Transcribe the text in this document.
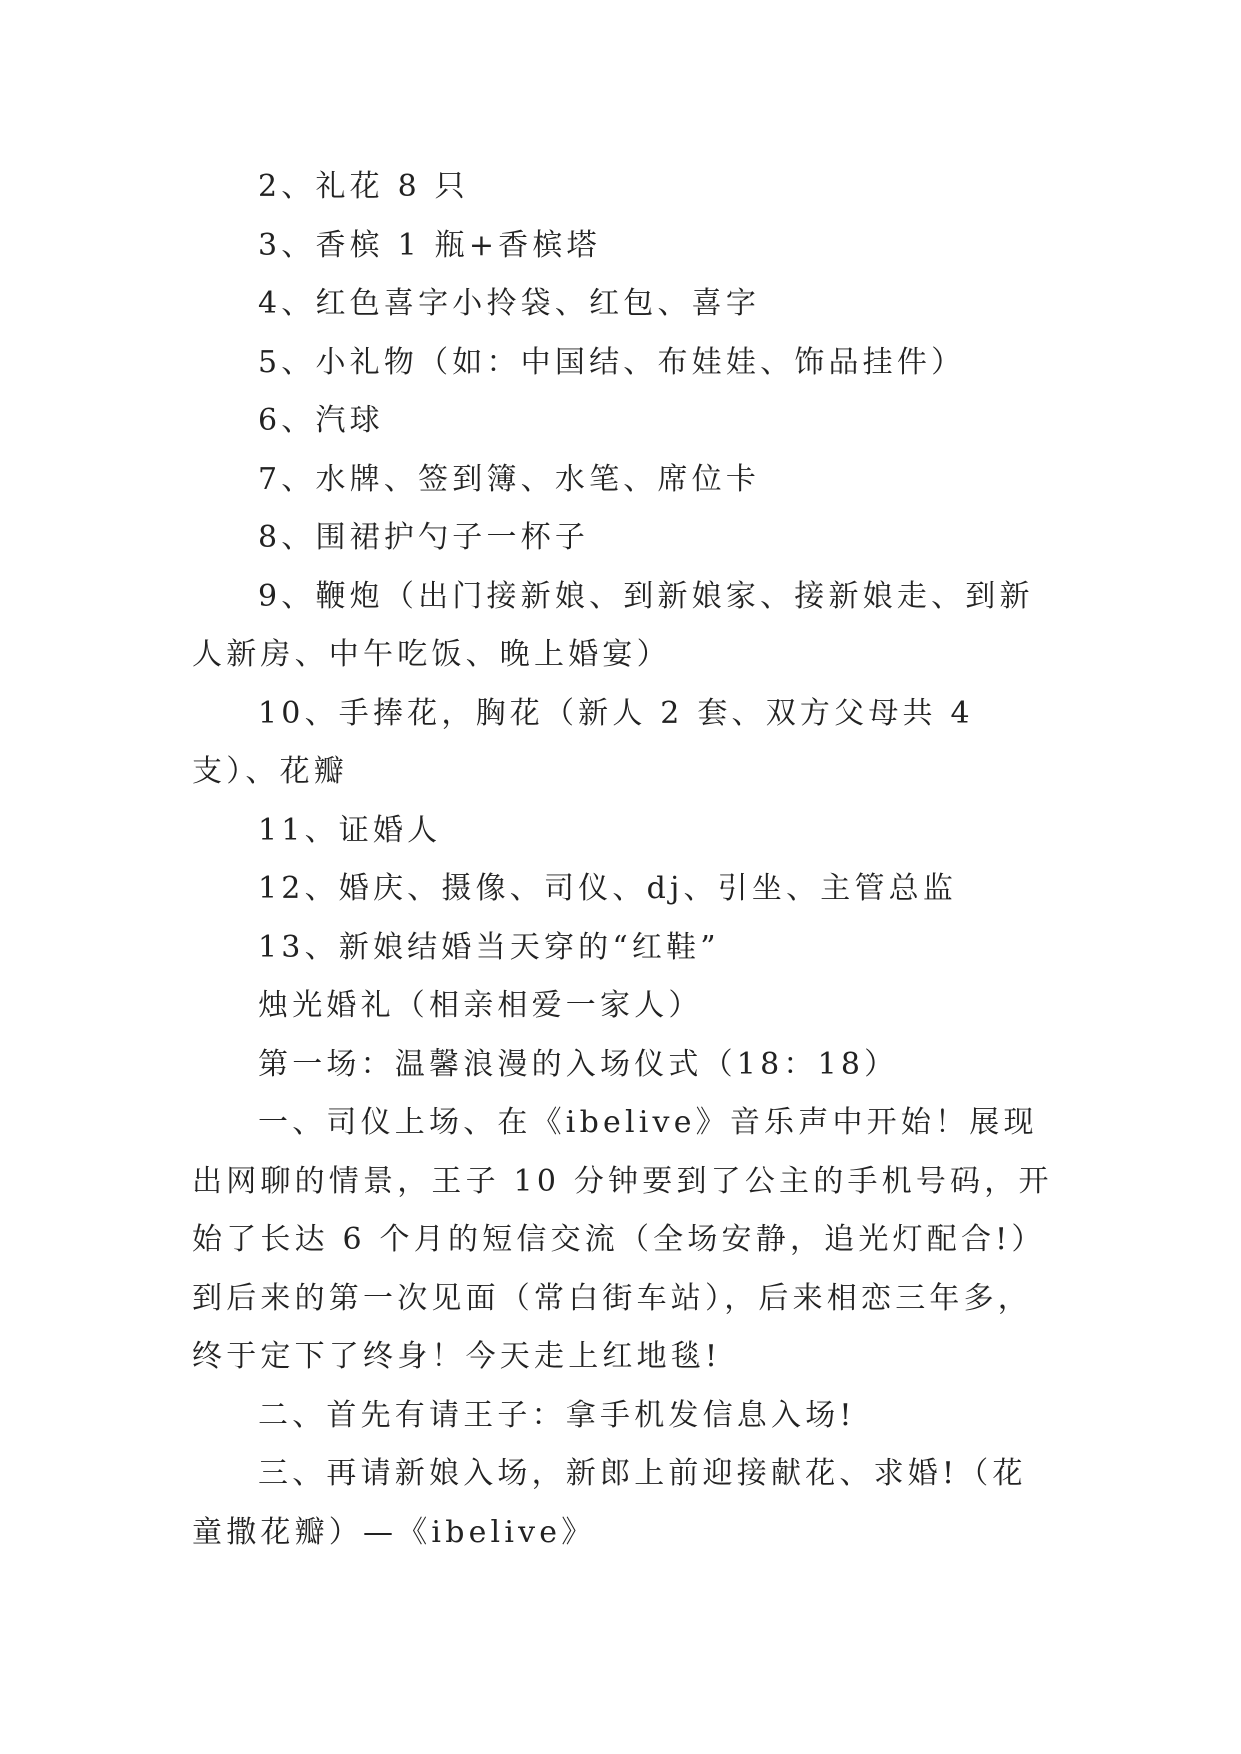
2、礼花 8 只

3、香槟 1 瓶+香槟塔

4、红色喜字小拎袋、红包、喜字

5、小礼物（如：中国结、布娃娃、饰品挂件）

6、汽球

7、水牌、签到簿、水笔、席位卡

8、围裙护勺子一杯子

9、鞭炮（出门接新娘、到新娘家、接新娘走、到新人新房、中午吃饭、晚上婚宴）

10、手捧花，胸花（新人 2 套、双方父母共 4 支）、花瓣

11、证婚人

12、婚庆、摄像、司仪、dj、引坐、主管总监

13、新娘结婚当天穿的“红鞋”

烛光婚礼（相亲相爱一家人）

第一场：温馨浪漫的入场仪式（18：18）

一、司仪上场、在《ibelive》音乐声中开始！展现出网聊的情景，王子 10 分钟要到了公主的手机号码，开始了长达 6 个月的短信交流（全场安静，追光灯配合!）到后来的第一次见面（常白街车站），后来相恋三年多，终于定下了终身！今天走上红地毯!

二、首先有请王子：拿手机发信息入场!

三、再请新娘入场，新郎上前迎接献花、求婚!（花童撒花瓣）—《ibelive》
